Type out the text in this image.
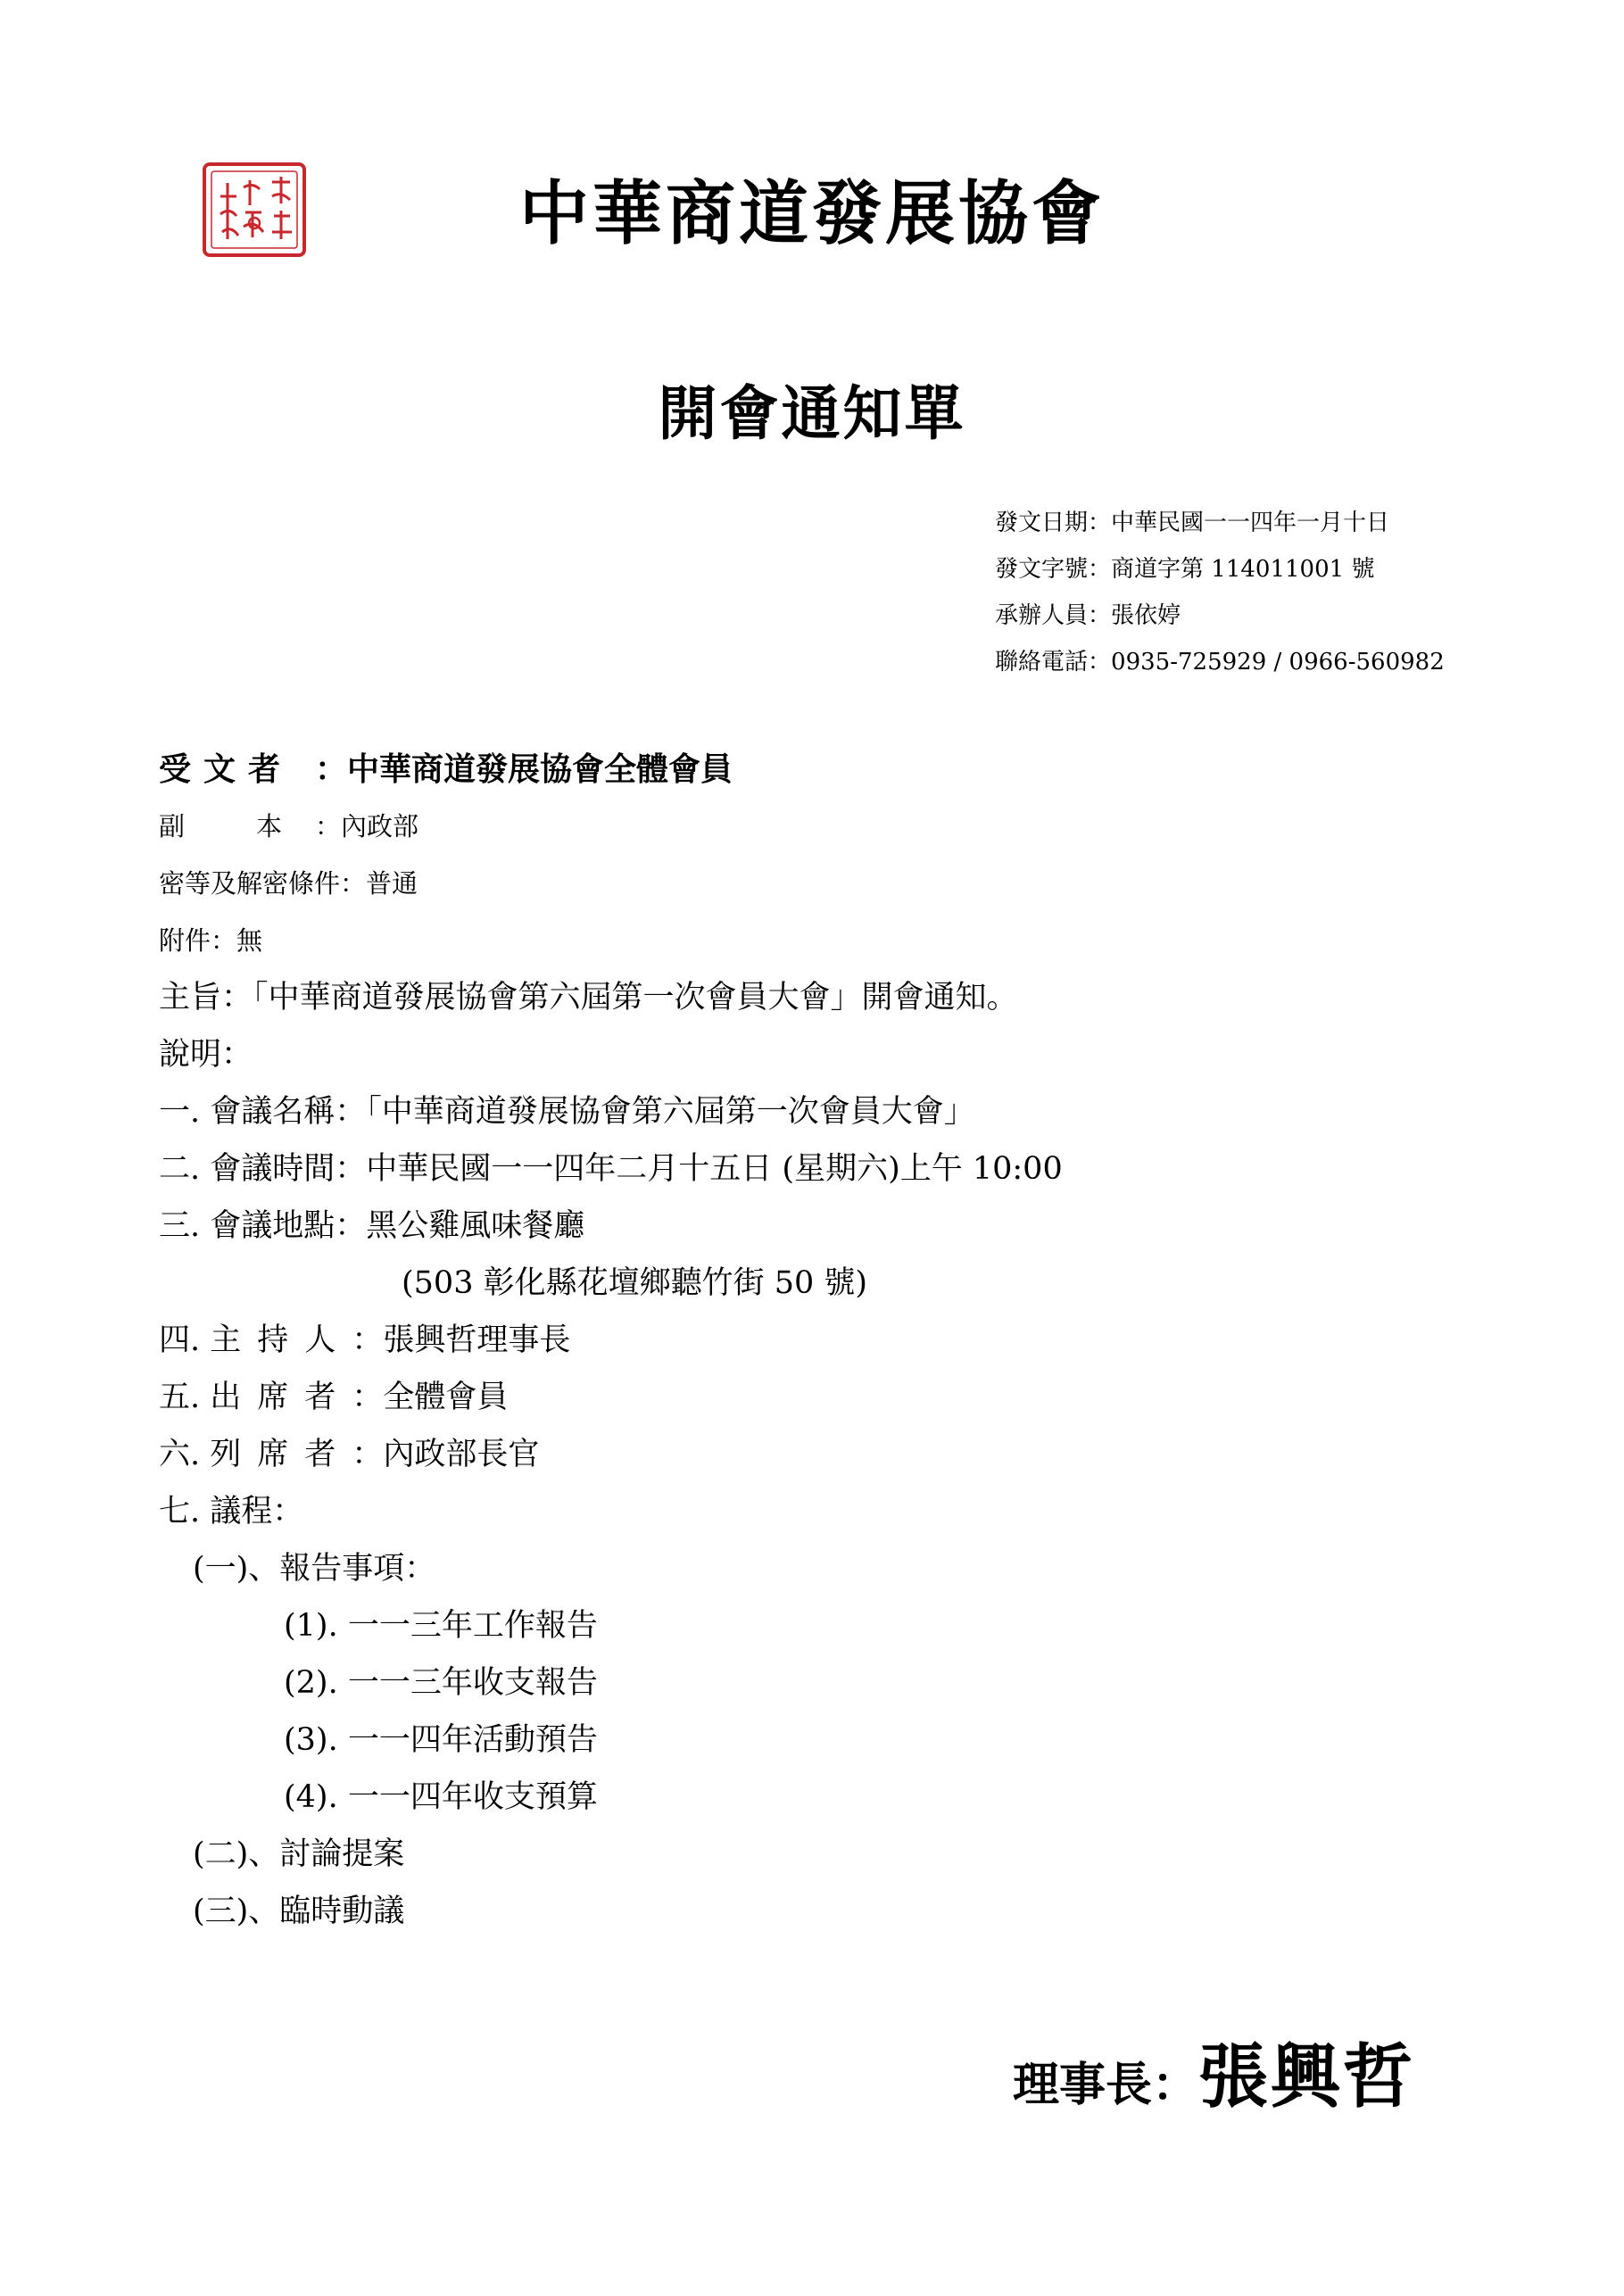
中華商道發展協會
開會通知單
發文日期：中華民國一一四年一月十日
發文字號：商道字第 114011001 號
承辦人員：張依婷
聯絡電話：0935-725929 / 0966-560982
受文者 ：中華商道發展協會全體會員
副	本 ：內政部
密等及解密條件：普通
附件：無
主旨：「中華商道發展協會第六屆第一次會員大會」開會通知。
說明：
一. 會議名稱：「中華商道發展協會第六屆第一次會員大會」
二. 會議時間：中華民國一一四年二月十五日 (星期六)上午 10:00
三. 會議地點：黑公雞風味餐廳
(503 彰化縣花壇鄉聽竹街 50 號)
四. 主持人：張興哲理事長
五. 出席者：全體會員
六. 列席者：內政部長官
七. 議程：
(一)、報告事項：
(1). 一一三年工作報告
(2). 一一三年收支報告
(3). 一一四年活動預告
(4). 一一四年收支預算
(二)、討論提案
(三)、臨時動議
理事長：張興哲
